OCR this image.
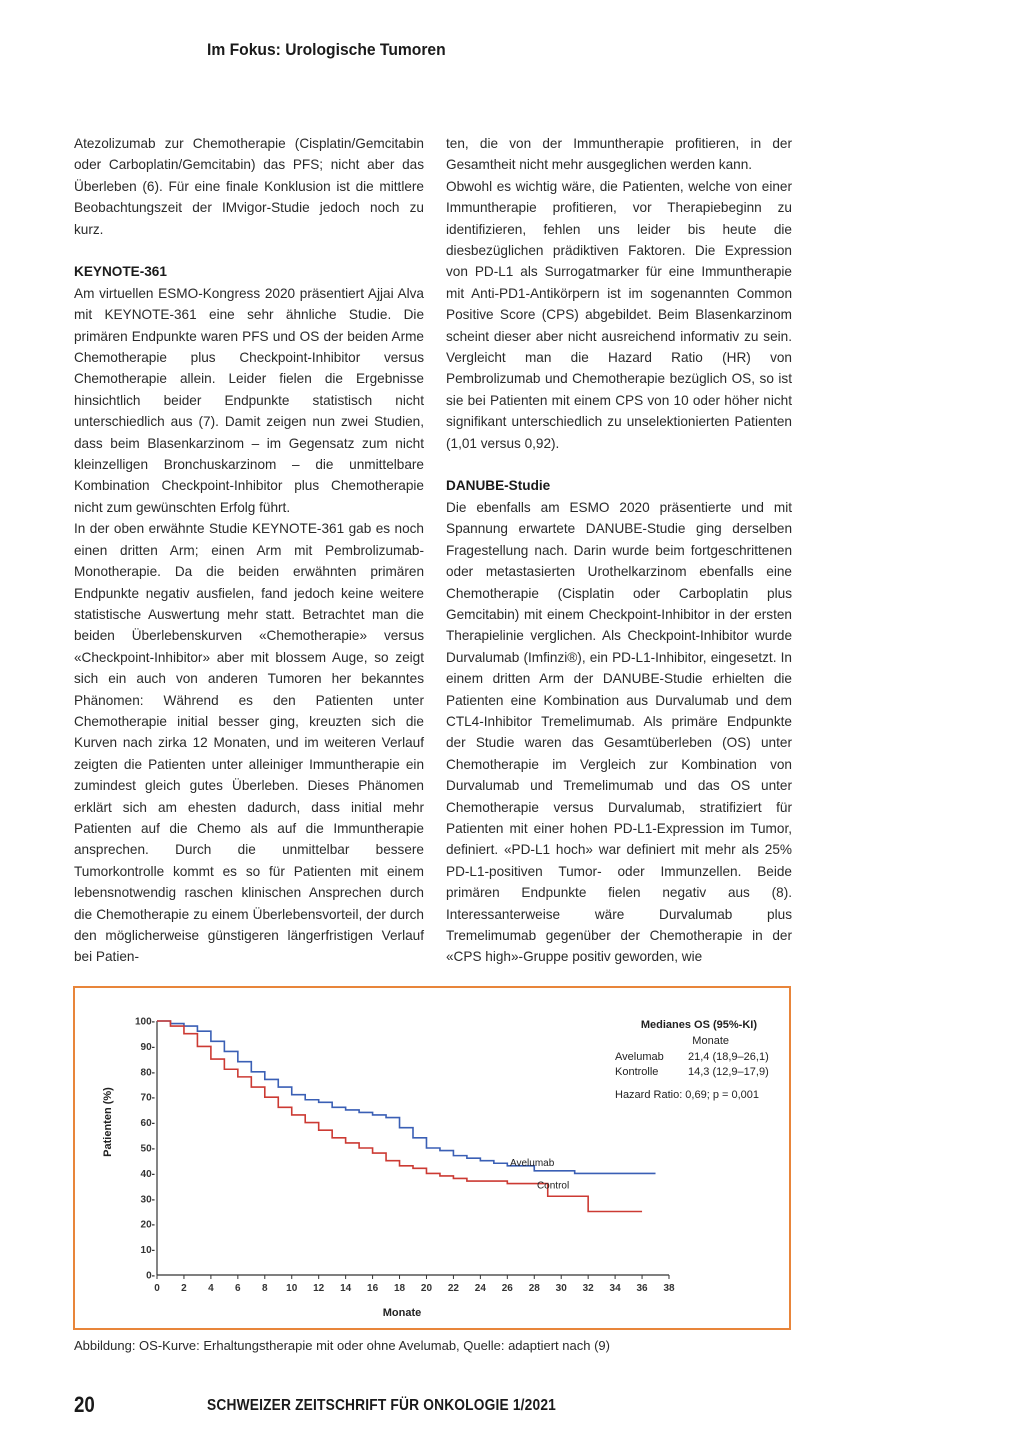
Im Fokus: Urologische Tumoren

Atezolizumab zur Chemotherapie (Cisplatin/Gemcitabin oder Carboplatin/Gemcitabin) das PFS; nicht aber das Überleben (6). Für eine finale Konklusion ist die mittlere Beobachtungszeit der IMvigor-Studie jedoch noch zu kurz.

KEYNOTE-361

Am virtuellen ESMO-Kongress 2020 präsentiert Ajjai Alva mit KEYNOTE-361 eine sehr ähnliche Studie. Die primären Endpunkte waren PFS und OS der beiden Arme Chemotherapie plus Checkpoint-Inhibitor versus Chemotherapie allein. Leider fielen die Ergebnisse hinsichtlich beider Endpunkte statistisch nicht unterschiedlich aus (7). Damit zeigen nun zwei Studien, dass beim Blasenkarzinom – im Gegensatz zum nicht kleinzelligen Bronchuskarzinom – die unmittelbare Kombination Checkpoint-Inhibitor plus Chemotherapie nicht zum gewünschten Erfolg führt.

In der oben erwähnte Studie KEYNOTE-361 gab es noch einen dritten Arm; einen Arm mit Pembrolizumab-Monotherapie. Da die beiden erwähnten primären Endpunkte negativ ausfielen, fand jedoch keine weitere statistische Auswertung mehr statt. Betrachtet man die beiden Überlebenskurven «Chemotherapie» versus «Checkpoint-Inhibitor» aber mit blossem Auge, so zeigt sich ein auch von anderen Tumoren her bekanntes Phänomen: Während es den Patienten unter Chemotherapie initial besser ging, kreuzten sich die Kurven nach zirka 12 Monaten, und im weiteren Verlauf zeigten die Patienten unter alleiniger Immuntherapie ein zumindest gleich gutes Überleben. Dieses Phänomen erklärt sich am ehesten dadurch, dass initial mehr Patienten auf die Chemo als auf die Immuntherapie ansprechen. Durch die unmittelbar bessere Tumorkontrolle kommt es so für Patienten mit einem lebensnotwendig raschen klinischen Ansprechen durch die Chemotherapie zu einem Überlebensvorteil, der durch den möglicherweise günstigeren längerfristigen Verlauf bei Patien-

ten, die von der Immuntherapie profitieren, in der Gesamtheit nicht mehr ausgeglichen werden kann.

Obwohl es wichtig wäre, die Patienten, welche von einer Immuntherapie profitieren, vor Therapiebeginn zu identifizieren, fehlen uns leider bis heute die diesbezüglichen prädiktiven Faktoren. Die Expression von PD-L1 als Surrogatmarker für eine Immuntherapie mit Anti-PD1-Antikörpern ist im sogenannten Common Positive Score (CPS) abgebildet. Beim Blasenkarzinom scheint dieser aber nicht ausreichend informativ zu sein. Vergleicht man die Hazard Ratio (HR) von Pembrolizumab und Chemotherapie bezüglich OS, so ist sie bei Patienten mit einem CPS von 10 oder höher nicht signifikant unterschiedlich zu unselektionierten Patienten (1,01 versus 0,92).

DANUBE-Studie

Die ebenfalls am ESMO 2020 präsentierte und mit Spannung erwartete DANUBE-Studie ging derselben Fragestellung nach. Darin wurde beim fortgeschrittenen oder metastasierten Urothelkarzinom ebenfalls eine Chemotherapie (Cisplatin oder Carboplatin plus Gemcitabin) mit einem Checkpoint-Inhibitor in der ersten Therapielinie verglichen. Als Checkpoint-Inhibitor wurde Durvalumab (Imfinzi®), ein PD-L1-Inhibitor, eingesetzt. In einem dritten Arm der DANUBE-Studie erhielten die Patienten eine Kombination aus Durvalumab und dem CTL4-Inhibitor Tremelimumab. Als primäre Endpunkte der Studie waren das Gesamtüberleben (OS) unter Chemotherapie im Vergleich zur Kombination von Durvalumab und Tremelimumab und das OS unter Chemotherapie versus Durvalumab, stratifiziert für Patienten mit einer hohen PD-L1-Expression im Tumor, definiert. «PD-L1 hoch» war definiert mit mehr als 25% PD-L1-positiven Tumor- oder Immunzellen. Beide primären Endpunkte fielen negativ aus (8). Interessanterweise wäre Durvalumab plus Tremelimumab gegenüber der Chemotherapie in der «CPS high»-Gruppe positiv geworden, wie

0 2 4 6 8 10 12 14 16 18 20 22 24 26 28 30 32 34 36 38
0-
10-
20-
30-
40-
50-
60-
70-
80-
90-
100-
Avelumab
Control
Patienten (%)
Monate
Medianes OS (95%-KI)
Monate
Avelumab 21,4 (18,9–26,1)
Kontrolle	14,3 (12,9–17,9)
Hazard Ratio: 0,69; p = 0,001
Abbildung: OS-Kurve: Erhaltungstherapie mit oder ohne Avelumab, Quelle: adaptiert nach (9)
20	SCHWEIZER ZEITSCHRIFT FÜR ONKOLOGIE 1/2021
